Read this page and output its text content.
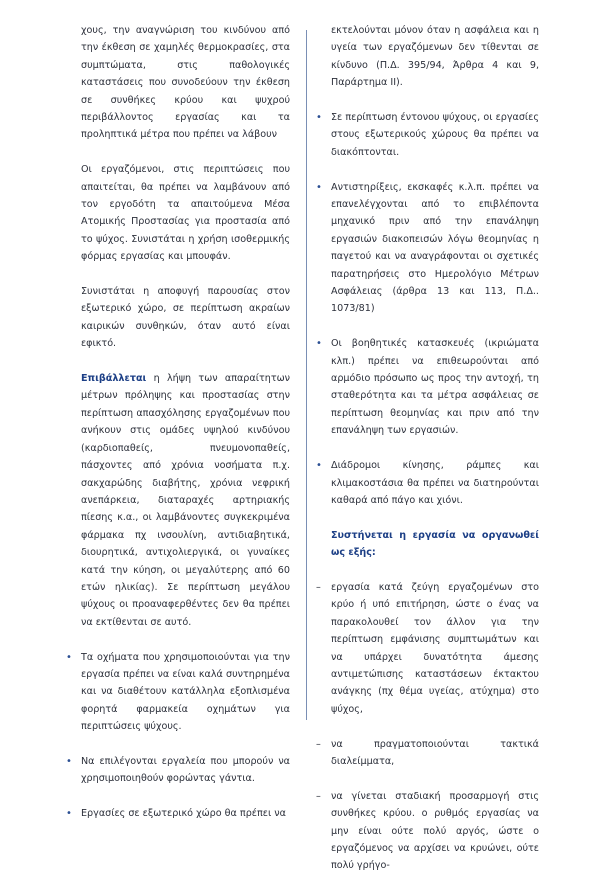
χους, την αναγνώριση του κινδύνου από την έκθεση σε χαμηλές θερμοκρασίες, στα συμπτώματα, στις παθολογικές καταστάσεις που συνοδεύουν την έκθεση σε συνθήκες κρύου και ψυχρού περιβάλλοντος εργασίας και τα προληπτικά μέτρα που πρέπει να λάβουν

Οι εργαζόμενοι, στις περιπτώσεις που απαιτείται, θα πρέπει να λαμβάνουν από τον εργοδότη τα απαιτούμενα Μέσα Ατομικής Προστασίας για προστασία από το ψύχος. Συνιστάται η χρήση ισοθερμικής φόρμας εργασίας και μπουφάν.

Συνιστάται η αποφυγή παρουσίας στον εξωτερικό χώρο, σε περίπτωση ακραίων καιρικών συνθηκών, όταν αυτό είναι εφικτό.

Επιβάλλεται η λήψη των απαραίτητων μέτρων πρόληψης και προστασίας στην περίπτωση απασχόλησης εργαζομένων που ανήκουν στις ομάδες υψηλού κινδύνου (καρδιοπαθείς, πνευμονοπαθείς, πάσχοντες από χρόνια νοσήματα π.χ. σακχαρώδης διαβήτης, χρόνια νεφρική ανεπάρκεια, διαταραχές αρτηριακής πίεσης κ.α., οι λαμβάνοντες συγκεκριμένα φάρμακα πχ ινσουλίνη, αντιδιαβητικά, διουρητικά, αντιχολιεργικά, οι γυναίκες κατά την κύηση, οι μεγαλύτερης από 60 ετών ηλικίας). Σε περίπτωση μεγάλου ψύχους οι προαναφερθέντες δεν θα πρέπει να εκτίθενται σε αυτό.

• Τα οχήματα που χρησιμοποιούνται για την εργασία πρέπει να είναι καλά συντηρημένα και να διαθέτουν κατάλληλα εξοπλισμένα φορητά φαρμακεία οχημάτων για περιπτώσεις ψύχους.

• Να επιλέγονται εργαλεία που μπορούν να χρησιμοποιηθούν φορώντας γάντια.

• Εργασίες σε εξωτερικό χώρο θα πρέπει να

εκτελούνται μόνον όταν η ασφάλεια και η υγεία των εργαζόμενων δεν τίθενται σε κίνδυνο (Π.Δ. 395/94, Άρθρα 4 και 9, Παράρτημα ΙΙ).

• Σε περίπτωση έντονου ψύχους, οι εργασίες στους εξωτερικούς χώρους θα πρέπει να διακόπτονται.

• Αντιστηρίξεις, εκσκαφές κ.λ.π. πρέπει να επανελέγχονται από το επιβλέποντα μηχανικό πριν από την επανάληψη εργασιών διακοπεισών λόγω θεομηνίας η παγετού και να αναγράφονται οι σχετικές παρατηρήσεις στο Ημερολόγιο Μέτρων Ασφάλειας (άρθρα 13 και 113, Π.Δ.. 1073/81)

• Οι βοηθητικές κατασκευές (ικριώματα κλπ.) πρέπει να επιθεωρούνται από αρμόδιο πρόσωπο ως προς την αντοχή, τη σταθερότητα και τα μέτρα ασφάλειας σε περίπτωση θεομηνίας και πριν από την επανάληψη των εργασιών.

• Διάδρομοι κίνησης, ράμπες και κλιμακοστάσια θα πρέπει να διατηρούνται καθαρά από πάγο και χιόνι.

Συστήνεται η εργασία να οργανωθεί ως εξής:

– εργασία κατά ζεύγη εργαζομένων στο κρύο ή υπό επιτήρηση, ώστε ο ένας να παρακολουθεί τον άλλον για την περίπτωση εμφάνισης συμπτωμάτων και να υπάρχει δυνατότητα άμεσης αντιμετώπισης καταστάσεων έκτακτου ανάγκης (πχ θέμα υγείας, ατύχημα) στο ψύχος,

– να πραγματοποιούνται τακτικά διαλείμματα,

– να γίνεται σταδιακή προσαρμογή στις συνθήκες κρύου. ο ρυθμός εργασίας να μην είναι ούτε πολύ αργός, ώστε ο εργαζόμενος να αρχίσει να κρυώνει, ούτε πολύ γρήγο-
